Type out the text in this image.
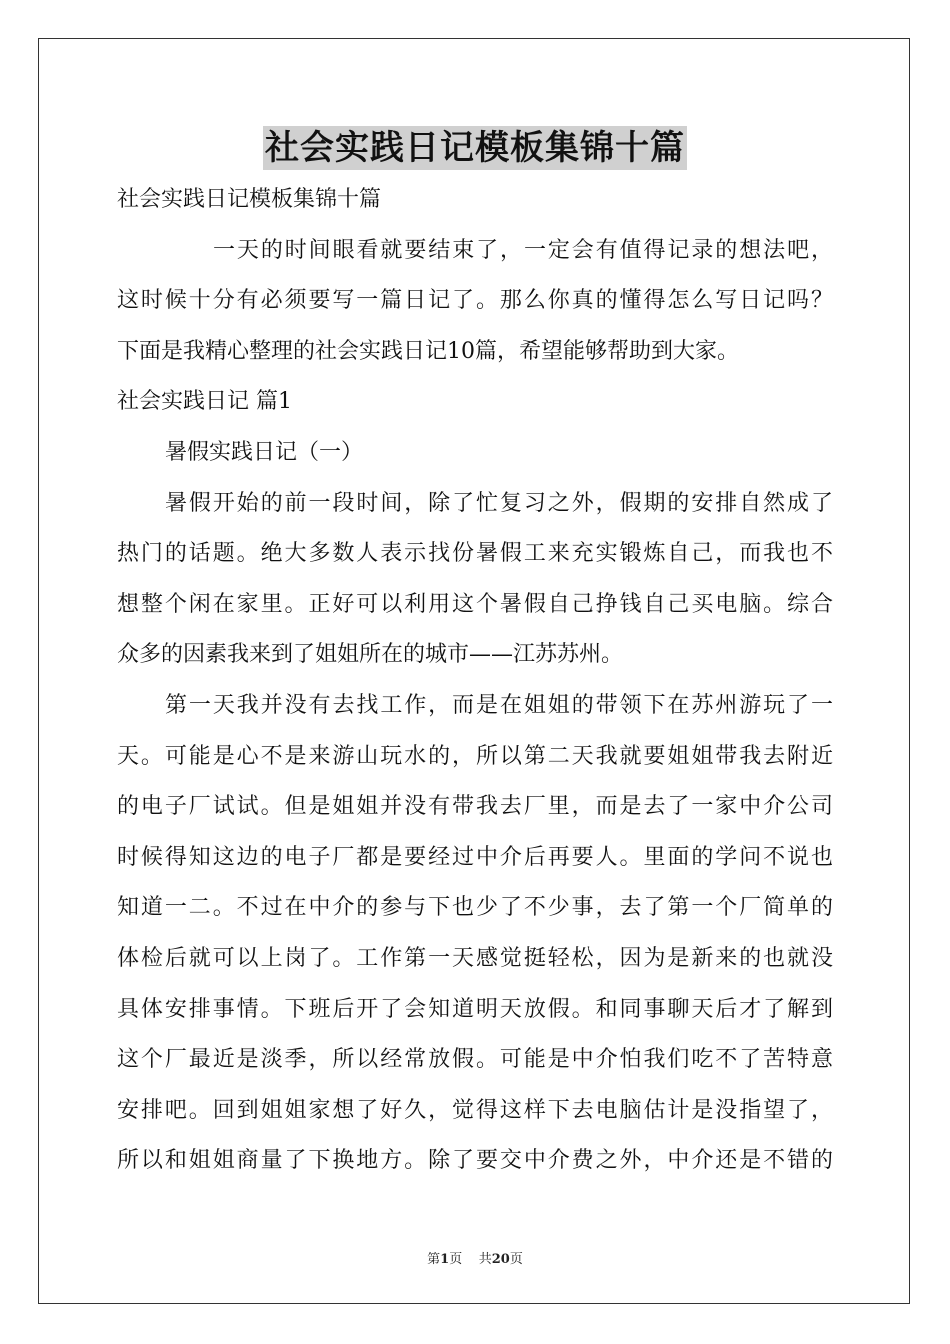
社会实践日记模板集锦十篇
社会实践日记模板集锦十篇
一天的时间眼看就要结束了，一定会有值得记录的想法吧，
这时候十分有必须要写一篇日记了。那么你真的懂得怎么写日记吗？
下面是我精心整理的社会实践日记10篇，希望能够帮助到大家。
社会实践日记 篇1
暑假实践日记（一）
暑假开始的前一段时间，除了忙复习之外，假期的安排自然成了
热门的话题。绝大多数人表示找份暑假工来充实锻炼自己，而我也不
想整个闲在家里。正好可以利用这个暑假自己挣钱自己买电脑。综合
众多的因素我来到了姐姐所在的城市——江苏苏州。
第一天我并没有去找工作，而是在姐姐的带领下在苏州游玩了一
天。可能是心不是来游山玩水的，所以第二天我就要姐姐带我去附近
的电子厂试试。但是姐姐并没有带我去厂里，而是去了一家中介公司
时候得知这边的电子厂都是要经过中介后再要人。里面的学问不说也
知道一二。不过在中介的参与下也少了不少事，去了第一个厂简单的
体检后就可以上岗了。工作第一天感觉挺轻松，因为是新来的也就没
具体安排事情。下班后开了会知道明天放假。和同事聊天后才了解到
这个厂最近是淡季，所以经常放假。可能是中介怕我们吃不了苦特意
安排吧。回到姐姐家想了好久，觉得这样下去电脑估计是没指望了，
所以和姐姐商量了下换地方。除了要交中介费之外，中介还是不错的
第1页 共20页
